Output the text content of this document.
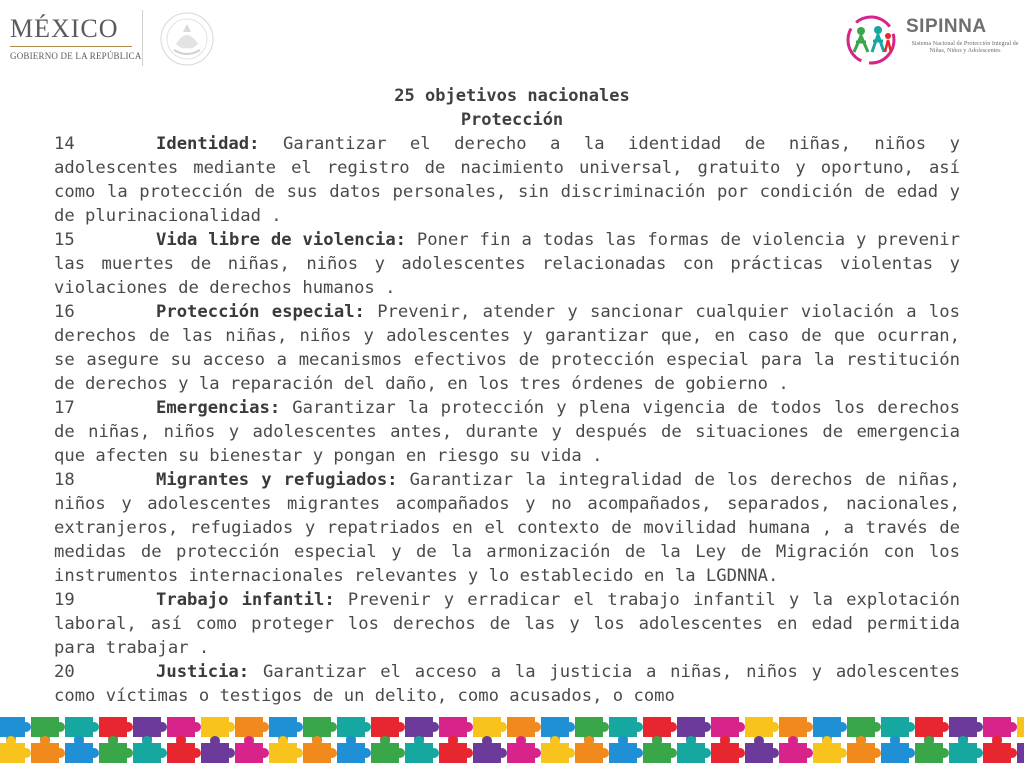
MÉXICO
GOBIERNO DE LA REPÚBLICA
SIPINNA
Sistema Nacional de Protección Integral de Niñas, Niños y Adolescentes
25 objetivos nacionales
Protección

14	Identidad: Garantizar el derecho a la identidad de niñas, niños y adolescentes mediante el registro de nacimiento universal, gratuito y oportuno, así como la protección de sus datos personales, sin discriminación por condición de edad y de plurinacionalidad .

15	Vida libre de violencia: Poner fin a todas las formas de violencia y prevenir las muertes de niñas, niños y adolescentes relacionadas con prácticas violentas y violaciones de derechos humanos .

16	Protección especial: Prevenir, atender y sancionar cualquier violación a los derechos de las niñas, niños y adolescentes y garantizar que, en caso de que ocurran, se asegure su acceso a mecanismos efectivos de protección especial para la restitución de derechos y la reparación del daño, en los tres órdenes de gobierno .

17	Emergencias: Garantizar la protección y plena vigencia de todos los derechos de niñas, niños y adolescentes antes, durante y después de situaciones de emergencia que afecten su bienestar y pongan en riesgo su vida .

18	Migrantes y refugiados: Garantizar la integralidad de los derechos de niñas, niños y adolescentes migrantes acompañados y no acompañados, separados, nacionales, extranjeros, refugiados y repatriados en el contexto de movilidad humana , a través de medidas de protección especial y de la armonización de la Ley de Migración con los instrumentos internacionales relevantes y lo establecido en la LGDNNA.

19	Trabajo infantil: Prevenir y erradicar el trabajo infantil y la explotación laboral, así como proteger los derechos de las y los adolescentes en edad permitida para trabajar .

20	Justicia: Garantizar el acceso a la justicia a niñas, niños y adolescentes como víctimas o testigos de un delito, como acusados, o como
